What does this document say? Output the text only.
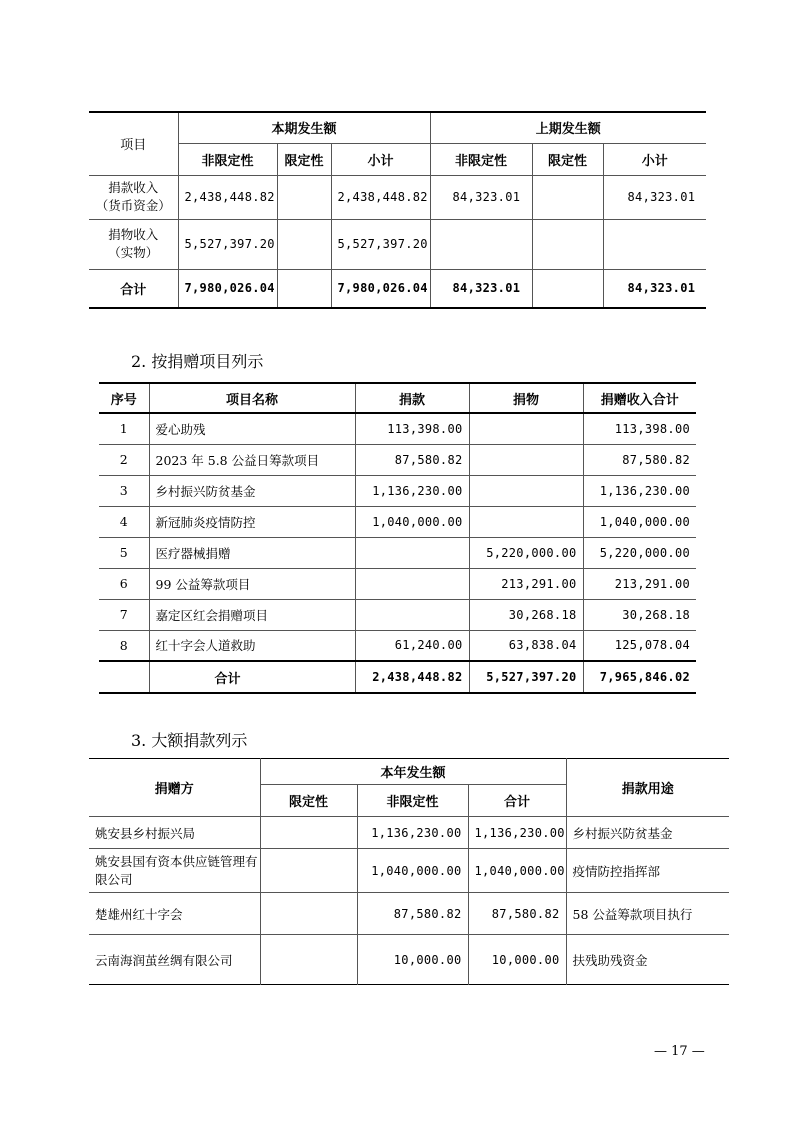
项目	本期发生额			上期发生额		
	非限定性	限定性	小计	非限定性	限定性	小计
捐款收入
（货币资金）	2,438,448.82		2,438,448.82	84,323.01		84,323.01
捐物收入
（实物）	5,527,397.20		5,527,397.20			
合计	7,980,026.04		7,980,026.04	84,323.01		84,323.01
2. 按捐赠项目列示
序号	项目名称	捐款	捐物	捐赠收入合计
1	爱心助残	113,398.00		113,398.00
2	2023 年 5.8 公益日筹款项目	87,580.82		87,580.82
3	乡村振兴防贫基金	1,136,230.00		1,136,230.00
4	新冠肺炎疫情防控	1,040,000.00		1,040,000.00
5	医疗器械捐赠		5,220,000.00	5,220,000.00
6	99 公益筹款项目		213,291.00	213,291.00
7	嘉定区红会捐赠项目		30,268.18	30,268.18
8	红十字会人道救助	61,240.00	63,838.04	125,078.04
	合计	2,438,448.82	5,527,397.20	7,965,846.02
3. 大额捐款列示
捐赠方	本年发生额			捐款用途
	限定性	非限定性	合计	
姚安县乡村振兴局		1,136,230.00	1,136,230.00	乡村振兴防贫基金
姚安县国有资本供应链管理有限公司		1,040,000.00	1,040,000.00	疫情防控指挥部
楚雄州红十字会		87,580.82	87,580.82	58 公益筹款项目执行
云南海润茧丝绸有限公司		10,000.00	10,000.00	扶残助残资金
— 17 —
